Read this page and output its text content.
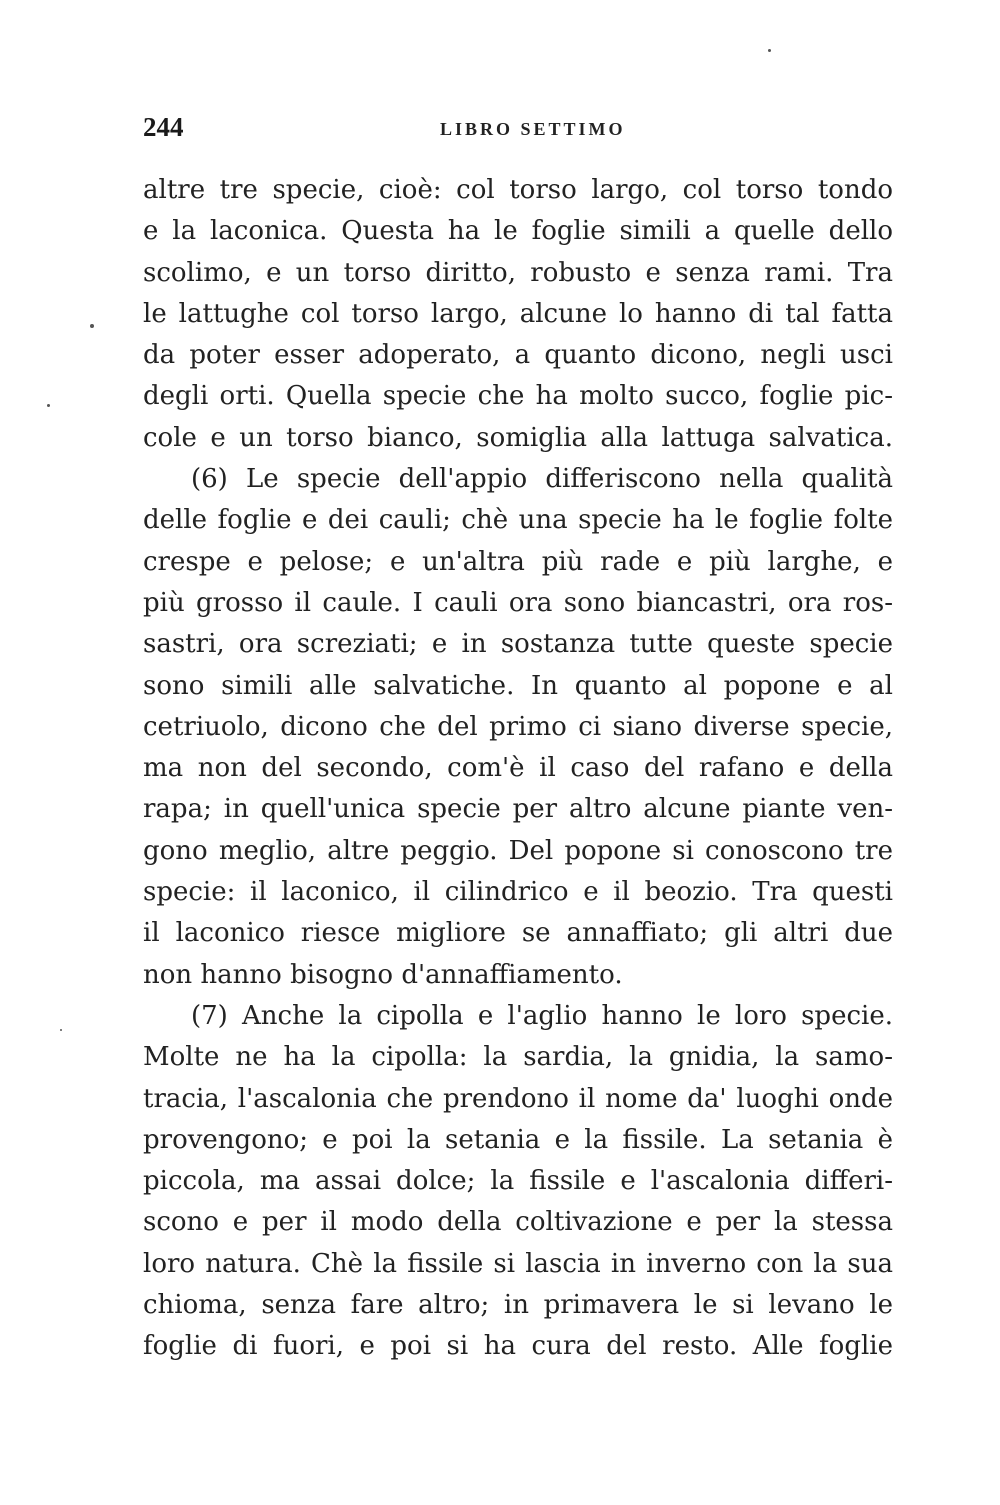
244	LIBRO SETTIMO
altre tre specie, cioè: col torso largo, col torso tondo
e la laconica. Questa ha le foglie simili a quelle dello
scolimo, e un torso diritto, robusto e senza rami. Tra
le lattughe col torso largo, alcune lo hanno di tal fatta
da poter esser adoperato, a quanto dicono, negli usci
degli orti. Quella specie che ha molto succo, foglie pic-
cole e un torso bianco, somiglia alla lattuga salvatica.
(6) Le specie dell'appio differiscono nella qualità
delle foglie e dei cauli; chè una specie ha le foglie folte
crespe e pelose; e un'altra più rade e più larghe, e
più grosso il caule. I cauli ora sono biancastri, ora ros-
sastri, ora screziati; e in sostanza tutte queste specie
sono simili alle salvatiche. In quanto al popone e al
cetriuolo, dicono che del primo ci siano diverse specie,
ma non del secondo, com'è il caso del rafano e della
rapa; in quell'unica specie per altro alcune piante ven-
gono meglio, altre peggio. Del popone si conoscono tre
specie: il laconico, il cilindrico e il beozio. Tra questi
il laconico riesce migliore se annaffiato; gli altri due
non hanno bisogno d'annaffiamento.
(7) Anche la cipolla e l'aglio hanno le loro specie.
Molte ne ha la cipolla: la sardia, la gnidia, la samo-
tracia, l'ascalonia che prendono il nome da' luoghi onde
provengono; e poi la setania e la fissile. La setania è
piccola, ma assai dolce; la fissile e l'ascalonia differi-
scono e per il modo della coltivazione e per la stessa
loro natura. Chè la fissile si lascia in inverno con la sua
chioma, senza fare altro; in primavera le si levano le
foglie di fuori, e poi si ha cura del resto. Alle foglie
